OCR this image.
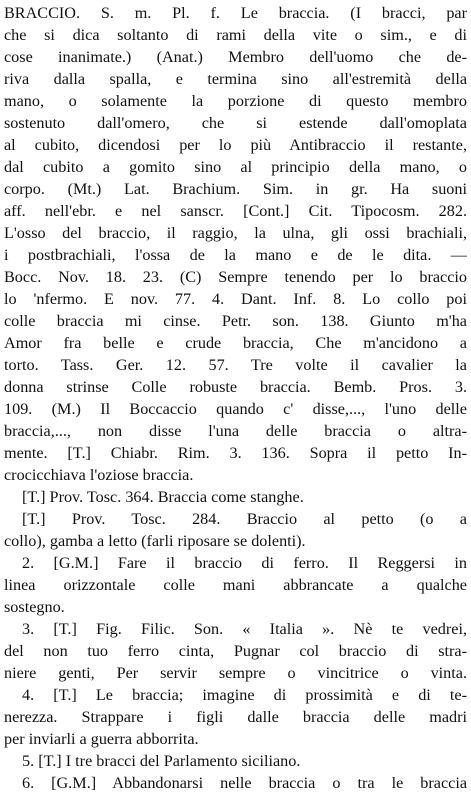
BRACCIO. S. m. Pl. f. Le braccia. (I bracci, par
che si dica soltanto di rami della vite o sim., e di
cose inanimate.) (Anat.) Membro dell'uomo che de-
riva dalla spalla, e termina sino all'estremità della
mano, o solamente la porzione di questo membro
sostenuto dall'omero, che si estende dall'omoplata
al cubito, dicendosi per lo più Antibraccio il restante,
dal cubito a gomito sino al principio della mano, o
corpo. (Mt.) Lat. Brachium. Sim. in gr. Ha suoni
aff. nell'ebr. e nel sanscr. [Cont.] Cit. Tipocosm. 282.
L'osso del braccio, il raggio, la ulna, gli ossi brachiali,
i postbrachiali, l'ossa de la mano e de le dita. —
Bocc. Nov. 18. 23. (C) Sempre tenendo per lo braccio
lo 'nfermo. E nov. 77. 4. Dant. Inf. 8. Lo collo poi
colle braccia mi cinse. Petr. son. 138. Giunto m'ha
Amor fra belle e crude braccia, Che m'ancidono a
torto. Tass. Ger. 12. 57. Tre volte il cavalier la
donna strinse Colle robuste braccia. Bemb. Pros. 3.
109. (M.) Il Boccaccio quando c' disse,..., l'uno delle
braccia,..., non disse l'una delle braccia o altra-
mente. [T.] Chiabr. Rim. 3. 136. Sopra il petto In-
crocicchiava l'oziose braccia.
[T.] Prov. Tosc. 364. Braccia come stanghe.
[T.] Prov. Tosc. 284. Braccio al petto (o a
collo), gamba a letto (farli riposare se dolenti).
2. [G.M.] Fare il braccio di ferro. Il Reggersi in
linea orizzontale colle mani abbrancate a qualche
sostegno.
3. [T.] Fig. Filic. Son. « Italia ». Nè te vedrei,
del non tuo ferro cinta, Pugnar col braccio di stra-
niere genti, Per servir sempre o vincitrice o vinta.
4. [T.] Le braccia; imagine di prossimità e di te-
nerezza. Strappare i figli dalle braccia delle madri
per inviarli a guerra abborrita.
5. [T.] I tre bracci del Parlamento siciliano.
6. [G.M.] Abbandonarsi nelle braccia o tra le braccia
